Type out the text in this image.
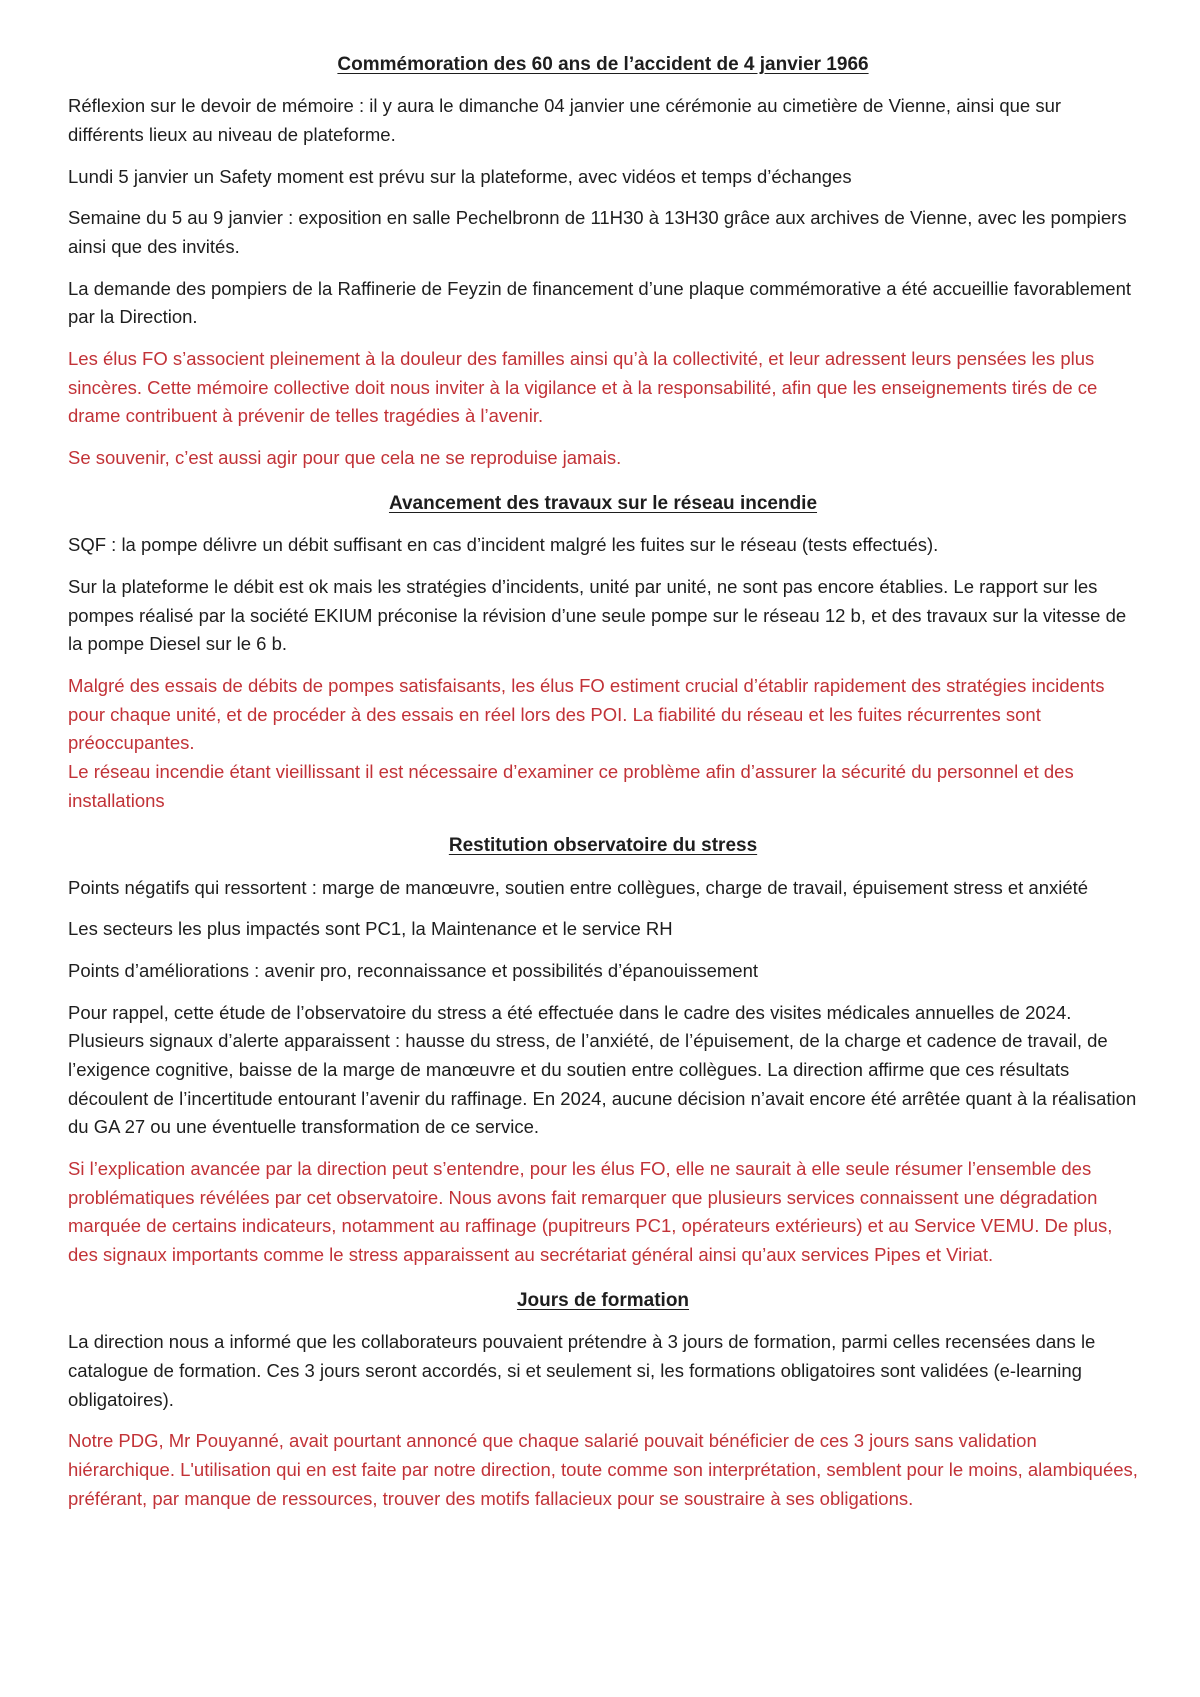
Commémoration des 60 ans de l’accident de 4 janvier 1966

Réflexion sur le devoir de mémoire : il y aura le dimanche 04 janvier une cérémonie au cimetière de Vienne, ainsi que sur différents lieux au niveau de plateforme.

Lundi 5 janvier un Safety moment est prévu sur la plateforme, avec vidéos et temps d’échanges

Semaine du 5 au 9 janvier : exposition en salle Pechelbronn de 11H30 à 13H30 grâce aux archives de Vienne, avec les pompiers ainsi que des invités.

La demande des pompiers de la Raffinerie de Feyzin de financement d’une plaque commémorative a été accueillie favorablement par la Direction.

Les élus FO s’associent pleinement à la douleur des familles ainsi qu’à la collectivité, et leur adressent leurs pensées les plus sincères. Cette mémoire collective doit nous inviter à la vigilance et à la responsabilité, afin que les enseignements tirés de ce drame contribuent à prévenir de telles tragédies à l’avenir.

Se souvenir, c’est aussi agir pour que cela ne se reproduise jamais.

Avancement des travaux sur le réseau incendie

SQF : la pompe délivre un débit suffisant en cas d’incident malgré les fuites sur le réseau (tests effectués).

Sur la plateforme le débit est ok mais les stratégies d’incidents, unité par unité, ne sont pas encore établies. Le rapport sur les pompes réalisé par la société EKIUM préconise la révision d’une seule pompe sur le réseau 12 b, et des travaux sur la vitesse de la pompe Diesel sur le 6 b.

Malgré des essais de débits de pompes satisfaisants, les élus FO estiment crucial d’établir rapidement des stratégies incidents pour chaque unité, et de procéder à des essais en réel lors des POI. La fiabilité du réseau et les fuites récurrentes sont préoccupantes.

Le réseau incendie étant vieillissant il est nécessaire d’examiner ce problème afin d’assurer la sécurité du personnel et des installations

Restitution observatoire du stress

Points négatifs qui ressortent : marge de manœuvre, soutien entre collègues, charge de travail, épuisement stress et anxiété

Les secteurs les plus impactés sont PC1, la Maintenance et le service RH

Points d’améliorations : avenir pro, reconnaissance et possibilités d’épanouissement

Pour rappel, cette étude de l’observatoire du stress a été effectuée dans le cadre des visites médicales annuelles de 2024. Plusieurs signaux d’alerte apparaissent : hausse du stress, de l’anxiété, de l’épuisement, de la charge et cadence de travail, de l’exigence cognitive, baisse de la marge de manœuvre et du soutien entre collègues. La direction affirme que ces résultats découlent de l’incertitude entourant l’avenir du raffinage. En 2024, aucune décision n’avait encore été arrêtée quant à la réalisation du GA 27 ou une éventuelle transformation de ce service.

Si l’explication avancée par la direction peut s’entendre, pour les élus FO, elle ne saurait à elle seule résumer l’ensemble des problématiques révélées par cet observatoire. Nous avons fait remarquer que plusieurs services connaissent une dégradation marquée de certains indicateurs, notamment au raffinage (pupitreurs PC1, opérateurs extérieurs) et au Service VEMU. De plus, des signaux importants comme le stress apparaissent au secrétariat général ainsi qu’aux services Pipes et Viriat.

Jours de formation

La direction nous a informé que les collaborateurs pouvaient prétendre à 3 jours de formation, parmi celles recensées dans le catalogue de formation. Ces 3 jours seront accordés, si et seulement si, les formations obligatoires sont validées (e-learning obligatoires).

Notre PDG, Mr Pouyanné, avait pourtant annoncé que chaque salarié pouvait bénéficier de ces 3 jours sans validation hiérarchique. L'utilisation qui en est faite par notre direction, toute comme son interprétation, semblent pour le moins, alambiquées, préférant, par manque de ressources, trouver des motifs fallacieux pour se soustraire à ses obligations.
